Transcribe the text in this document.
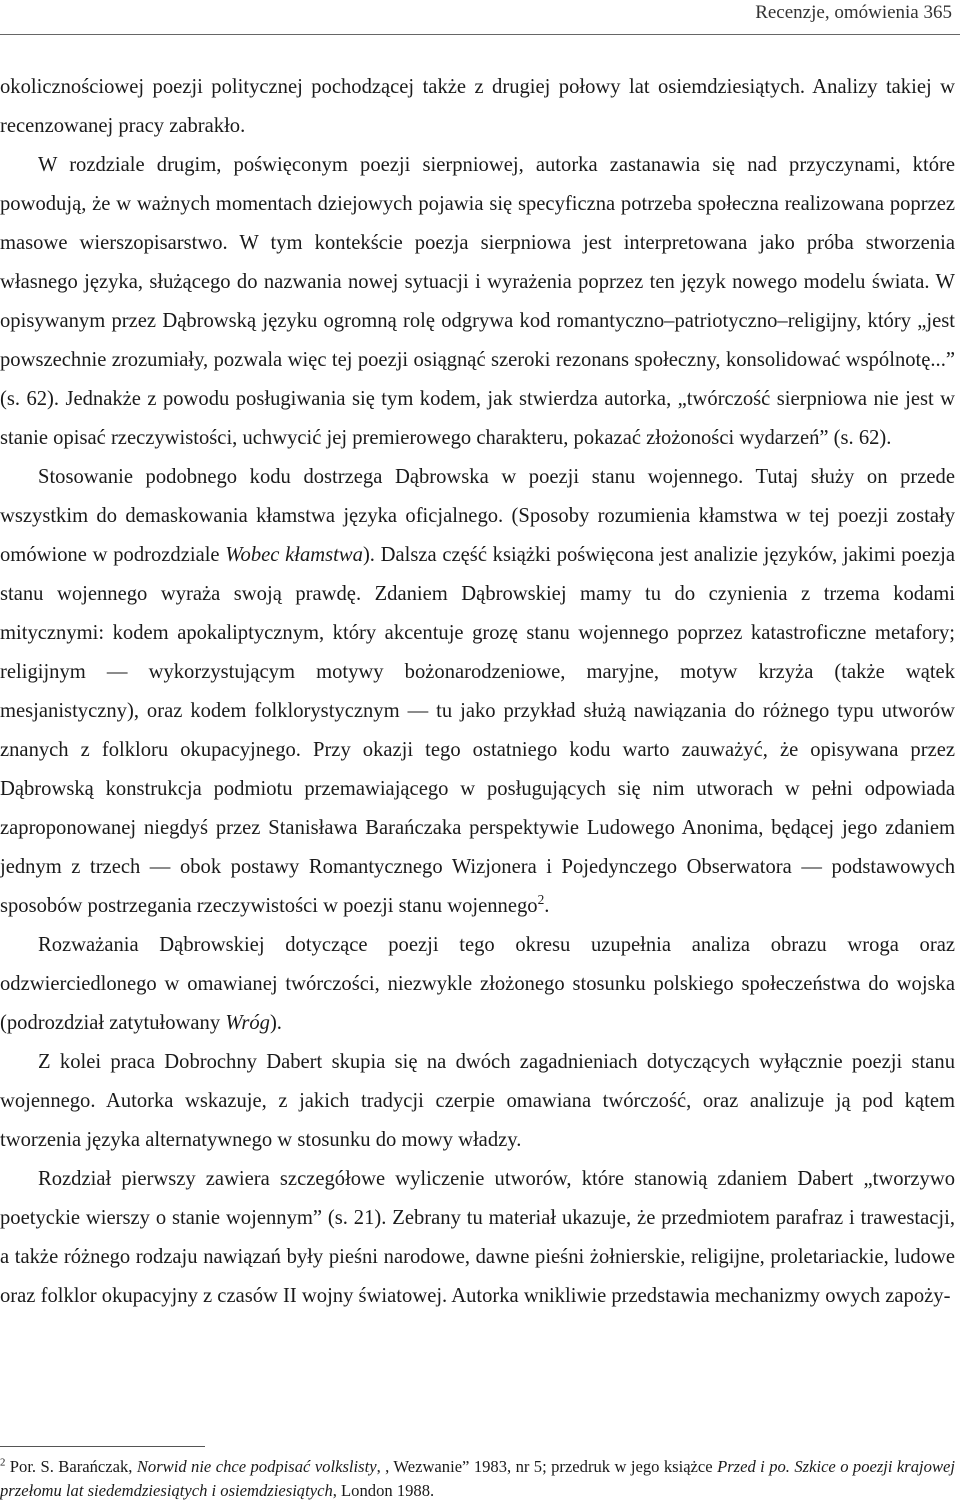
Recenzje, omówienia 365

okolicznościowej poezji politycznej pochodzącej także z drugiej połowy lat osiemdziesiątych. Analizy takiej w recenzowanej pracy zabrakło.

W rozdziale drugim, poświęconym poezji sierpniowej, autorka zastanawia się nad przyczynami, które powodują, że w ważnych momentach dziejowych pojawia się specyficzna potrzeba społeczna realizowana poprzez masowe wierszopisarstwo. W tym kontekście poezja sierpniowa jest interpretowana jako próba stworzenia własnego języka, służącego do nazwania nowej sytuacji i wyrażenia poprzez ten język nowego modelu świata. W opisywanym przez Dąbrowską języku ogromną rolę odgrywa kod romantyczno–patriotyczno–religijny, który „jest powszechnie zrozumiały, pozwala więc tej poezji osiągnąć szeroki rezonans społeczny, konsolidować wspólnotę...” (s. 62). Jednakże z powodu posługiwania się tym kodem, jak stwierdza autorka, „twórczość sierpniowa nie jest w stanie opisać rzeczywistości, uchwycić jej premierowego charakteru, pokazać złożoności wydarzeń” (s. 62).

Stosowanie podobnego kodu dostrzega Dąbrowska w poezji stanu wojennego. Tutaj służy on przede wszystkim do demaskowania kłamstwa języka oficjalnego. (Sposoby rozumienia kłamstwa w tej poezji zostały omówione w podrozdziale Wobec kłamstwa). Dalsza część książki poświęcona jest analizie języków, jakimi poezja stanu wojennego wyraża swoją prawdę. Zdaniem Dąbrowskiej mamy tu do czynienia z trzema kodami mitycznymi: kodem apokaliptycznym, który akcentuje grozę stanu wojennego poprzez katastroficzne metafory; religijnym — wykorzystującym motywy bożonarodzeniowe, maryjne, motyw krzyża (także wątek mesjanistyczny), oraz kodem folklorystycznym — tu jako przykład służą nawiązania do różnego typu utworów znanych z folkloru okupacyjnego. Przy okazji tego ostatniego kodu warto zauważyć, że opisywana przez Dąbrowską konstrukcja podmiotu przemawiającego w posługujących się nim utworach w pełni odpowiada zaproponowanej niegdyś przez Stanisława Barańczaka perspektywie Ludowego Anonima, będącej jego zdaniem jednym z trzech — obok postawy Romantycznego Wizjonera i Pojedynczego Obserwatora — podstawowych sposobów postrzegania rzeczywistości w poezji stanu wojennego$^2$.

Rozważania Dąbrowskiej dotyczące poezji tego okresu uzupełnia analiza obrazu wroga oraz odzwierciedlonego w omawianej twórczości, niezwykle złożonego stosunku polskiego społeczeństwa do wojska (podrozdział zatytułowany Wróg).

Z kolei praca Dobrochny Dabert skupia się na dwóch zagadnieniach dotyczących wyłącznie poezji stanu wojennego. Autorka wskazuje, z jakich tradycji czerpie omawiana twórczość, oraz analizuje ją pod kątem tworzenia języka alternatywnego w stosunku do mowy władzy.

Rozdział pierwszy zawiera szczegółowe wyliczenie utworów, które stanowią zdaniem Dabert „tworzywo poetyckie wierszy o stanie wojennym” (s. 21). Zebrany tu materiał ukazuje, że przedmiotem parafraz i trawestacji, a także różnego rodzaju nawiązań były pieśni narodowe, dawne pieśni żołnierskie, religijne, proletariackie, ludowe oraz folklor okupacyjny z czasów II wojny światowej. Autorka wnikliwie przedstawia mechanizmy owych zapoży-

$^2$ Por. S. Barańczak, Norwid nie chce podpisać volkslisty, , Wezwanie” 1983, nr 5; przedruk w jego książce Przed i po. Szkice o poezji krajowej przełomu lat siedemdziesiątych i osiemdziesiątych, London 1988.
